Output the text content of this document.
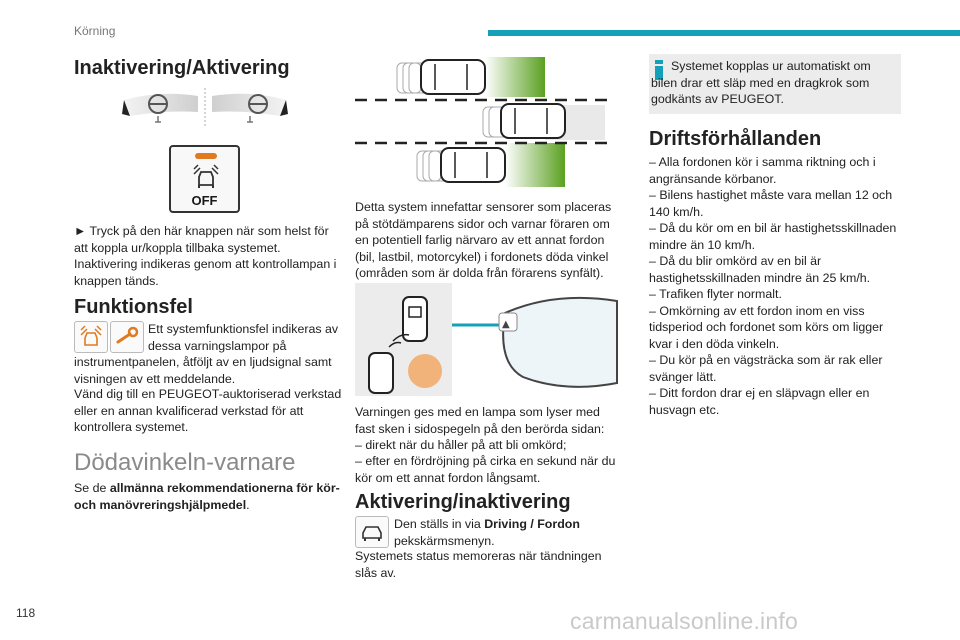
Körning
Inaktivering/Aktivering
OFF
► Tryck på den här knappen när som helst för att koppla ur/koppla tillbaka systemet.
Inaktivering indikeras genom att kontrollampan i knappen tänds.
Funktionsfel
Ett systemfunktionsfel indikeras av dessa varningslampor på
instrumentpanelen, åtföljt av en ljudsignal samt visningen av ett meddelande.
Vänd dig till en PEUGEOT-auktoriserad verkstad eller en annan kvalificerad verkstad för att kontrollera systemet.
Dödavinkeln-varnare
Se de allmänna rekommendationerna för kör- och manövreringshjälpmedel.
Detta system innefattar sensorer som placeras på stötdämparens sidor och varnar föraren om en potentiell farlig närvaro av ett annat fordon (bil, lastbil, motorcykel) i fordonets döda vinkel (områden som är dolda från förarens synfält).
▲
Varningen ges med en lampa som lyser med fast sken i sidospegeln på den berörda sidan:
– direkt när du håller på att bli omkörd;
– efter en fördröjning på cirka en sekund när du kör om ett annat fordon långsamt.
Aktivering/inaktivering
Den ställs in via Driving / Fordon
pekskärmsmenyn.
Systemets status memoreras när tändningen slås av.
Systemet kopplas ur automatiskt om bilen drar ett släp med en dragkrok som godkänts av PEUGEOT.
Driftsförhållanden
– Alla fordonen kör i samma riktning och i angränsande körbanor.
– Bilens hastighet måste vara mellan 12 och 140 km/h.
– Då du kör om en bil är hastighetsskillnaden mindre än 10 km/h.
– Då du blir omkörd av en bil är hastighetsskillnaden mindre än 25 km/h.
– Trafiken flyter normalt.
– Omkörning av ett fordon inom en viss tidsperiod och fordonet som körs om ligger kvar i den döda vinkeln.
– Du kör på en vägsträcka som är rak eller svänger lätt.
– Ditt fordon drar ej en släpvagn eller en husvagn etc.
118	carmanualsonline.info
